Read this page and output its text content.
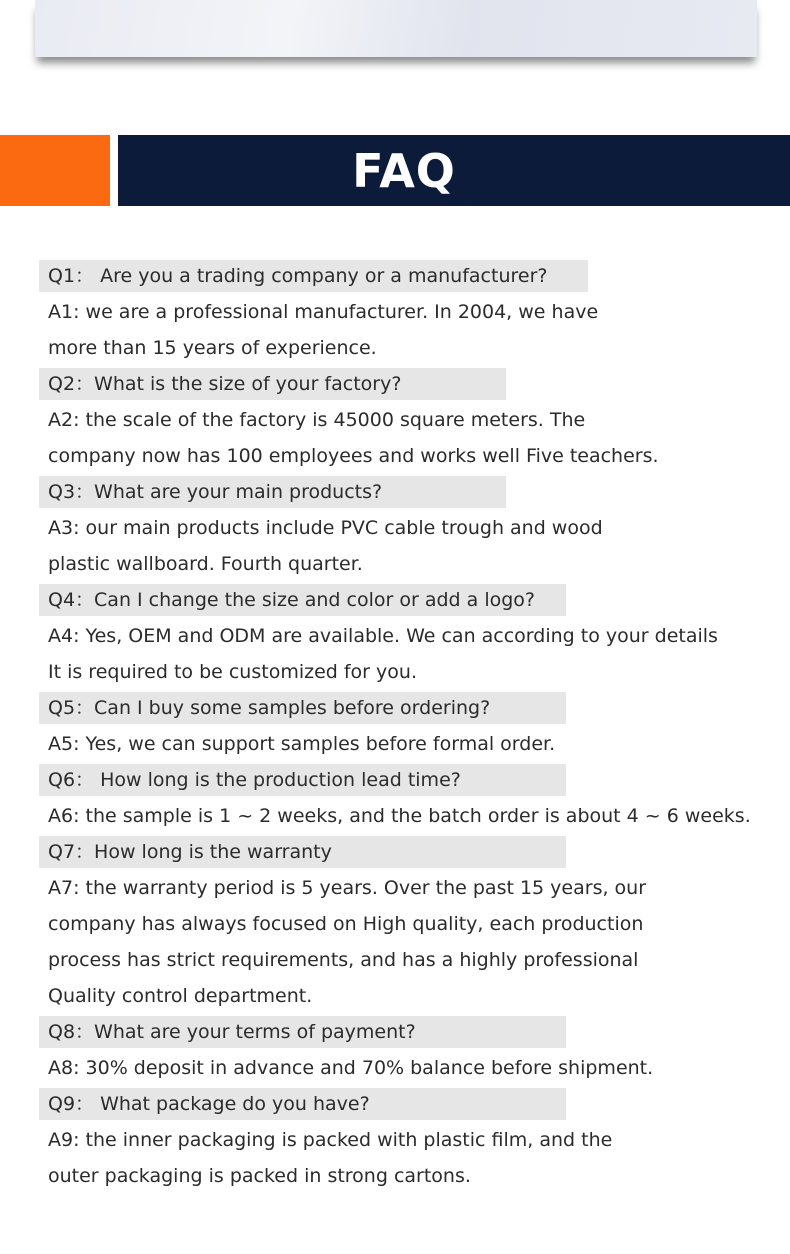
FAQ
Q1： Are you a trading company or a manufacturer?
A1: we are a professional manufacturer. In 2004, we have
more than 15 years of experience.
Q2：What is the size of your factory?
A2: the scale of the factory is 45000 square meters. The
company now has 100 employees and works well Five teachers.
Q3：What are your main products?
A3: our main products include PVC cable trough and wood
plastic wallboard. Fourth quarter.
Q4：Can I change the size and color or add a logo?
A4: Yes, OEM and ODM are available. We can according to your details
It is required to be customized for you.
Q5：Can I buy some samples before ordering?
A5: Yes, we can support samples before formal order.
Q6： How long is the production lead time?
A6: the sample is 1 ~ 2 weeks, and the batch order is about 4 ~ 6 weeks.
Q7：How long is the warranty
A7: the warranty period is 5 years. Over the past 15 years, our
company has always focused on High quality, each production
process has strict requirements, and has a highly professional
Quality control department.
Q8：What are your terms of payment?
A8: 30% deposit in advance and 70% balance before shipment.
Q9： What package do you have?
A9: the inner packaging is packed with plastic film, and the
outer packaging is packed in strong cartons.
